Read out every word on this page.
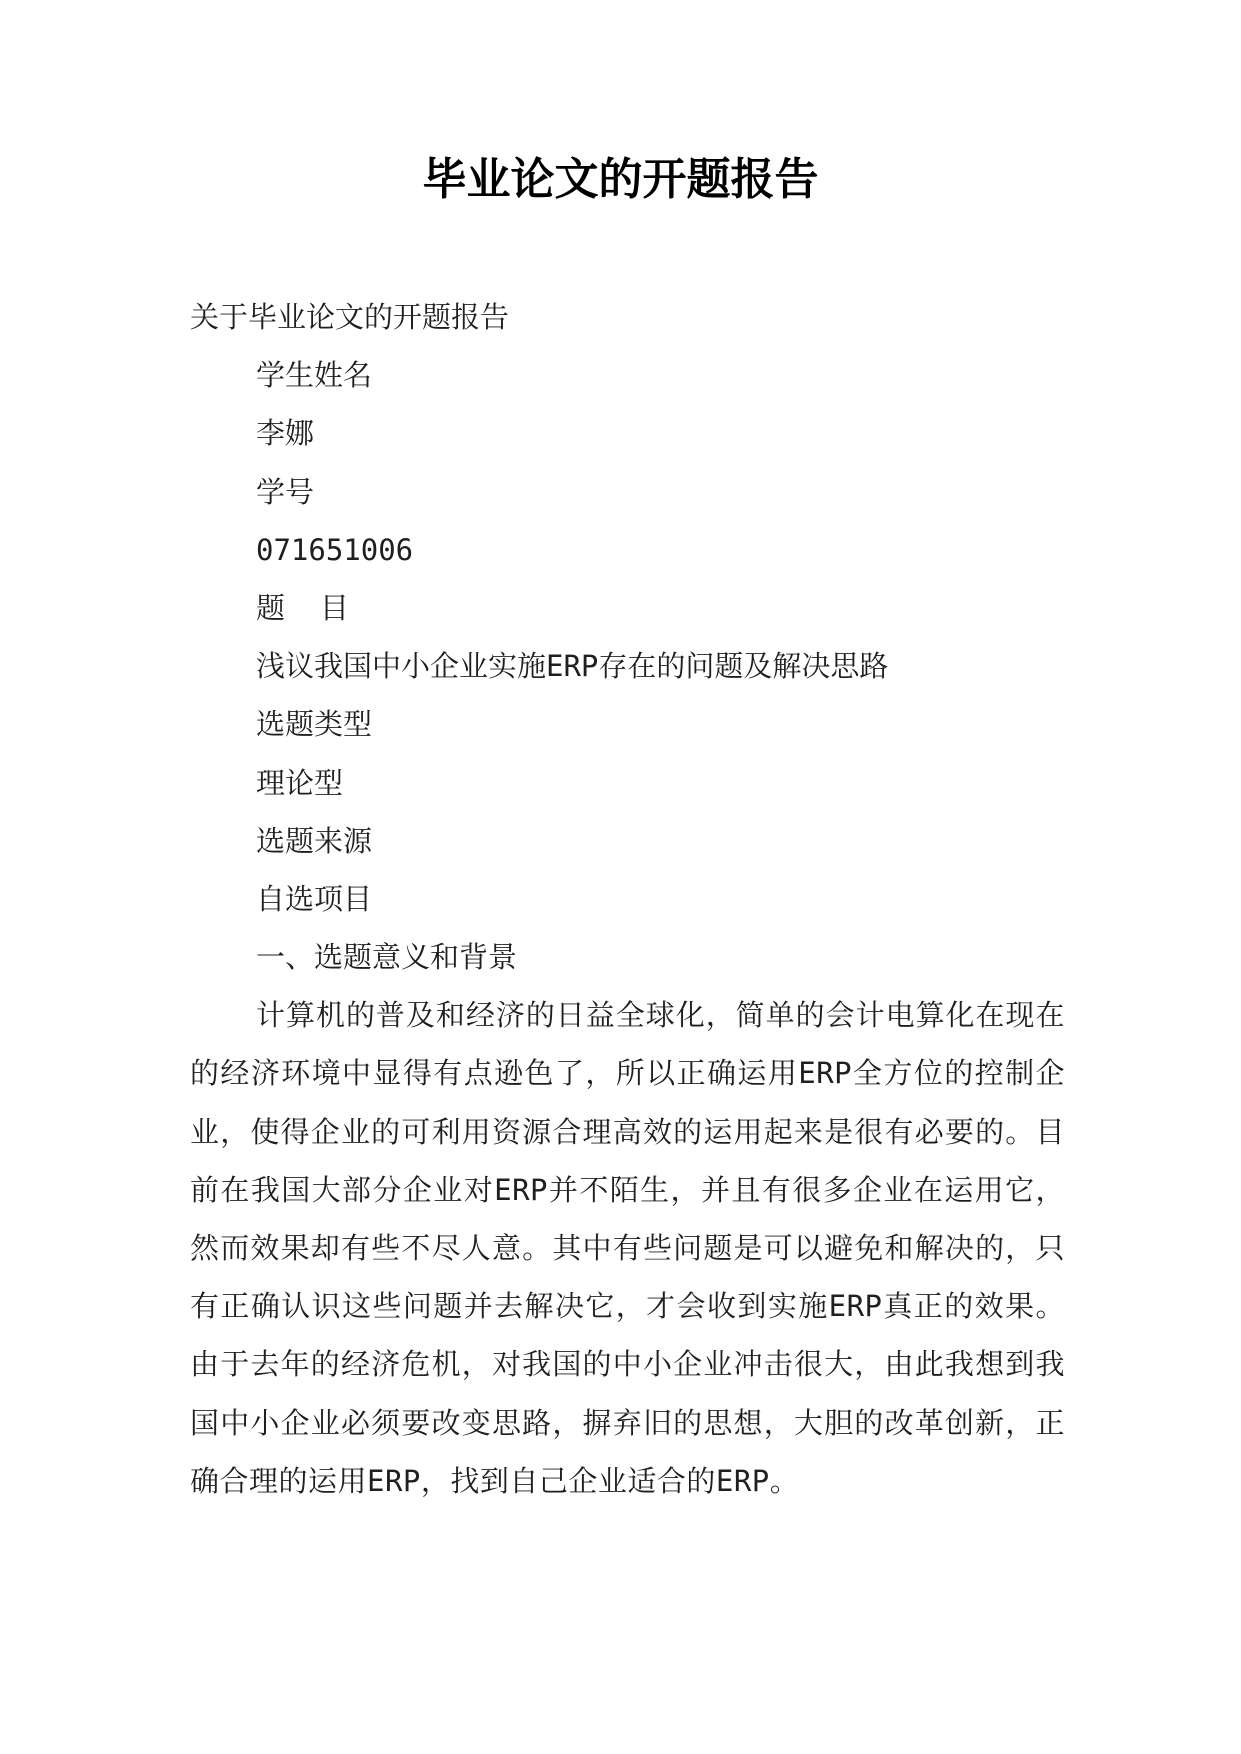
毕业论文的开题报告

关于毕业论文的开题报告

学生姓名

李娜

学号

071651006

题  目

浅议我国中小企业实施ERP存在的问题及解决思路

选题类型

理论型

选题来源

自选项目

一、选题意义和背景

计算机的普及和经济的日益全球化，简单的会计电算化在现在的经济环境中显得有点逊色了，所以正确运用ERP全方位的控制企业，使得企业的可利用资源合理高效的运用起来是很有必要的。目前在我国大部分企业对ERP并不陌生，并且有很多企业在运用它，然而效果却有些不尽人意。其中有些问题是可以避免和解决的，只有正确认识这些问题并去解决它，才会收到实施ERP真正的效果。由于去年的经济危机，对我国的中小企业冲击很大，由此我想到我国中小企业必须要改变思路，摒弃旧的思想，大胆的改革创新，正确合理的运用ERP，找到自己企业适合的ERP。
